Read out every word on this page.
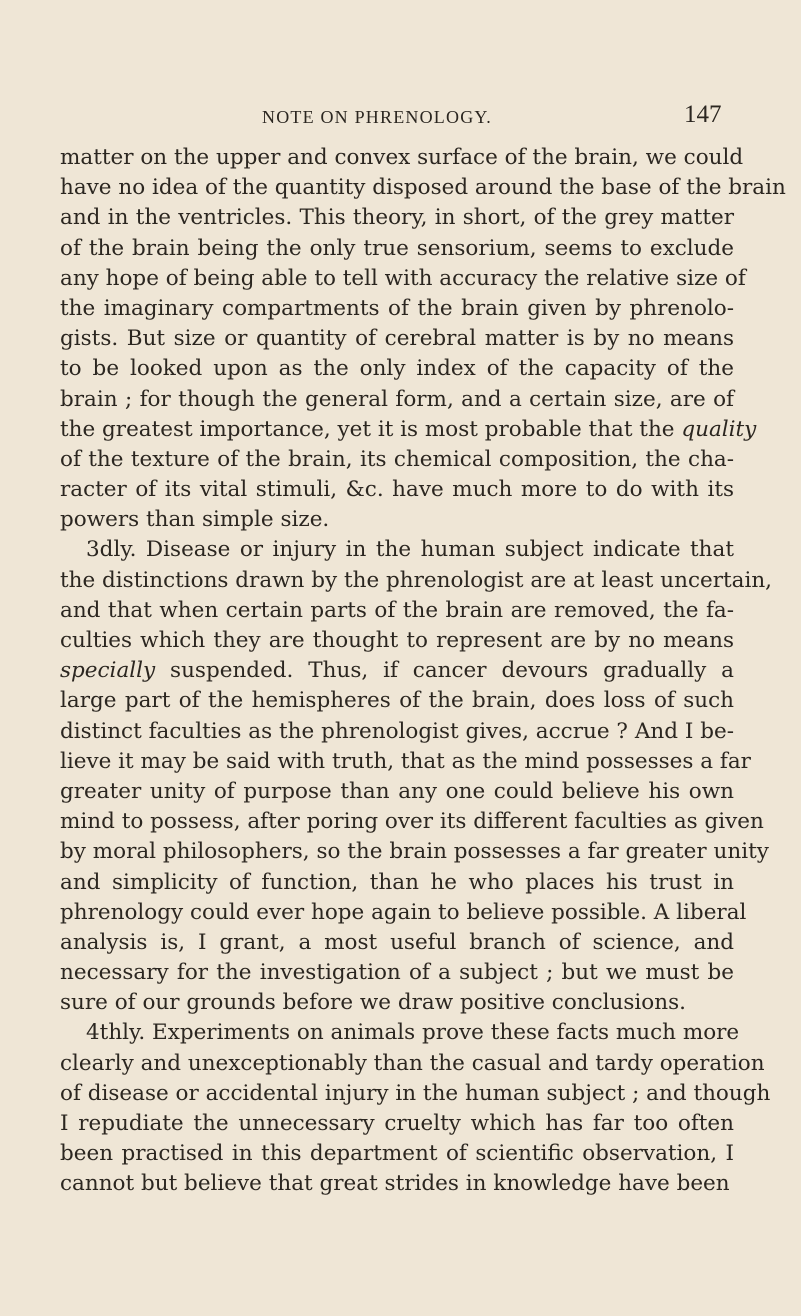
NOTE ON PHRENOLOGY.	147
matter on the upper and convex surface of the brain, we could
have no idea of the quantity disposed around the base of the brain
and in the ventricles. This theory, in short, of the grey matter
of the brain being the only true sensorium, seems to exclude
any hope of being able to tell with accuracy the relative size of
the imaginary compartments of the brain given by phrenolo-
gists. But size or quantity of cerebral matter is by no means
to be looked upon as the only index of the capacity of the
brain ; for though the general form, and a certain size, are of
the greatest importance, yet it is most probable that the quality
of the texture of the brain, its chemical composition, the cha-
racter of its vital stimuli, &c. have much more to do with its
powers than simple size.
3dly. Disease or injury in the human subject indicate that
the distinctions drawn by the phrenologist are at least uncertain,
and that when certain parts of the brain are removed, the fa-
culties which they are thought to represent are by no means
specially suspended. Thus, if cancer devours gradually a
large part of the hemispheres of the brain, does loss of such
distinct faculties as the phrenologist gives, accrue ? And I be-
lieve it may be said with truth, that as the mind possesses a far
greater unity of purpose than any one could believe his own
mind to possess, after poring over its different faculties as given
by moral philosophers, so the brain possesses a far greater unity
and simplicity of function, than he who places his trust in
phrenology could ever hope again to believe possible. A liberal
analysis is, I grant, a most useful branch of science, and
necessary for the investigation of a subject ; but we must be
sure of our grounds before we draw positive conclusions.
4thly. Experiments on animals prove these facts much more
clearly and unexceptionably than the casual and tardy operation
of disease or accidental injury in the human subject ; and though
I repudiate the unnecessary cruelty which has far too often
been practised in this department of scientific observation, I
cannot but believe that great strides in knowledge have been
